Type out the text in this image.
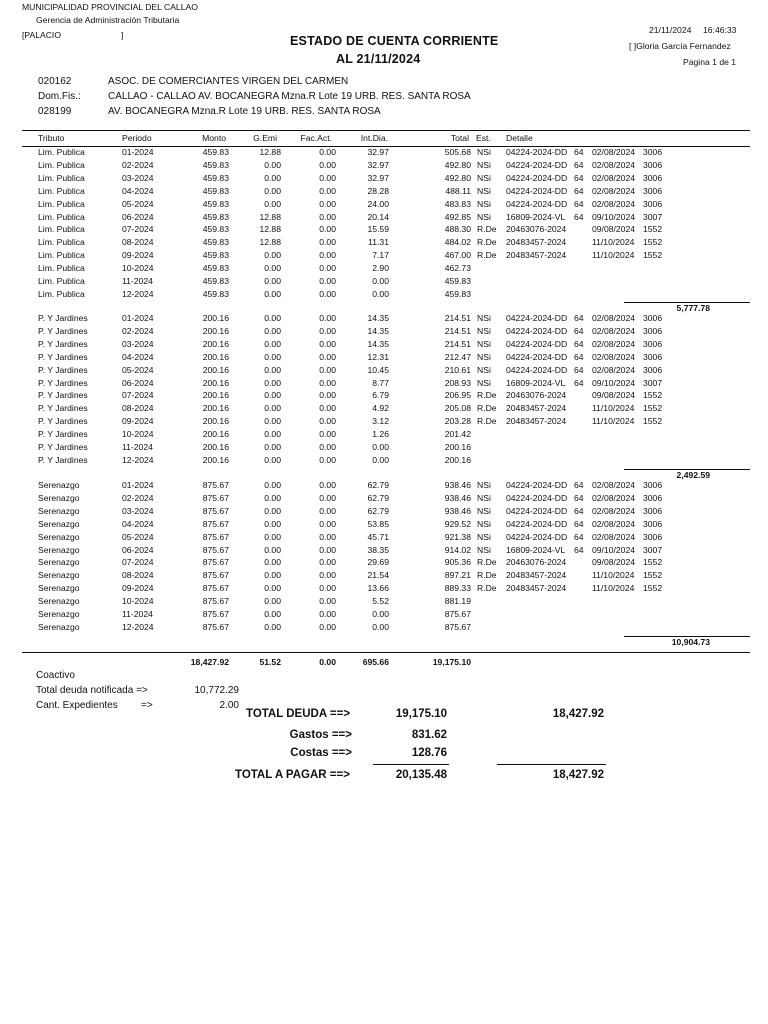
MUNICIPALIDAD PROVINCIAL DEL CALLAO
Gerencia de Administración Tributaria
[PALACIO	]	ESTADO DE CUENTA CORRIENTE
AL 21/11/2024
21/11/2024 16:46:33
[ ]Gloria García Fernandez
Pagina 1 de 1
020162	ASOC. DE COMERCIANTES VIRGEN DEL CARMEN
Dom.Fis.:	CALLAO - CALLAO AV. BOCANEGRA Mzna.R Lote 19 URB. RES. SANTA ROSA
028199	AV. BOCANEGRA Mzna.R Lote 19 URB. RES. SANTA ROSA
Tributo	Periodo	Monto	G.Emi	Fac.Act.	Int.Dia.	Total Est. Detalle
Lim. Publica	01-2024	459.83	12.88	0.00	32.97	505.68 NSi 04224-2024-DD 64 02/08/2024 3006
Lim. Publica	02-2024	459.83	0.00	0.00	32.97	492.80 NSi 04224-2024-DD 64 02/08/2024 3006
Lim. Publica	03-2024	459.83	0.00	0.00	32.97	492.80 NSi 04224-2024-DD 64 02/08/2024 3006
Lim. Publica	04-2024	459.83	0.00	0.00	28.28	488.11 NSi 04224-2024-DD 64 02/08/2024 3006
Lim. Publica	05-2024	459.83	0.00	0.00	24.00	483.83 NSi 04224-2024-DD 64 02/08/2024 3006
Lim. Publica	06-2024	459.83	12.88	0.00	20.14	492.85 NSi 16809-2024-VL 64 09/10/2024 3007
Lim. Publica	07-2024	459.83	12.88	0.00	15.59	488.30 R.De 20463076-2024	09/08/2024 1552
Lim. Publica	08-2024	459.83	12.88	0.00	11.31	484.02 R.De 20483457-2024	11/10/2024 1552
Lim. Publica	09-2024	459.83	0.00	0.00	7.17	467.00 R.De 20483457-2024	11/10/2024 1552
Lim. Publica	10-2024	459.83	0.00	0.00	2.90	462.73
Lim. Publica	11-2024	459.83	0.00	0.00	0.00	459.83
Lim. Publica	12-2024	459.83	0.00	0.00	0.00	459.83
5,777.78
P. Y Jardines	01-2024	200.16	0.00	0.00	14.35	214.51 NSi 04224-2024-DD 64 02/08/2024 3006
P. Y Jardines	02-2024	200.16	0.00	0.00	14.35	214.51 NSi 04224-2024-DD 64 02/08/2024 3006
P. Y Jardines	03-2024	200.16	0.00	0.00	14.35	214.51 NSi 04224-2024-DD 64 02/08/2024 3006
P. Y Jardines	04-2024	200.16	0.00	0.00	12.31	212.47 NSi 04224-2024-DD 64 02/08/2024 3006
P. Y Jardines	05-2024	200.16	0.00	0.00	10.45	210.61 NSi 04224-2024-DD 64 02/08/2024 3006
P. Y Jardines	06-2024	200.16	0.00	0.00	8.77	208.93 NSi 16809-2024-VL 64 09/10/2024 3007
P. Y Jardines	07-2024	200.16	0.00	0.00	6.79	206.95 R.De 20463076-2024	09/08/2024 1552
P. Y Jardines	08-2024	200.16	0.00	0.00	4.92	205.08 R.De 20483457-2024	11/10/2024 1552
P. Y Jardines	09-2024	200.16	0.00	0.00	3.12	203.28 R.De 20483457-2024	11/10/2024 1552
P. Y Jardines	10-2024	200.16	0.00	0.00	1.26	201.42
P. Y Jardines	11-2024	200.16	0.00	0.00	0.00	200.16
P. Y Jardines	12-2024	200.16	0.00	0.00	0.00	200.16
2,492.59
Serenazgo	01-2024	875.67	0.00	0.00	62.79	938.46 NSi 04224-2024-DD 64 02/08/2024 3006
Serenazgo	02-2024	875.67	0.00	0.00	62.79	938.46 NSi 04224-2024-DD 64 02/08/2024 3006
Serenazgo	03-2024	875.67	0.00	0.00	62.79	938.46 NSi 04224-2024-DD 64 02/08/2024 3006
Serenazgo	04-2024	875.67	0.00	0.00	53.85	929.52 NSi 04224-2024-DD 64 02/08/2024 3006
Serenazgo	05-2024	875.67	0.00	0.00	45.71	921.38 NSi 04224-2024-DD 64 02/08/2024 3006
Serenazgo	06-2024	875.67	0.00	0.00	38.35	914.02 NSi 16809-2024-VL 64 09/10/2024 3007
Serenazgo	07-2024	875.67	0.00	0.00	29.69	905.36 R.De 20463076-2024	09/08/2024 1552
Serenazgo	08-2024	875.67	0.00	0.00	21.54	897.21 R.De 20483457-2024	11/10/2024 1552
Serenazgo	09-2024	875.67	0.00	0.00	13.66	889.33 R.De 20483457-2024	11/10/2024 1552
Serenazgo	10-2024	875.67	0.00	0.00	5.52	881.19
Serenazgo	11-2024	875.67	0.00	0.00	0.00	875.67
Serenazgo	12-2024	875.67	0.00	0.00	0.00	875.67
10,904.73
18,427.92	51.52	0.00	695.66	19,175.10
Coactivo
Total deuda notificada =>	10,772.29
Cant. Expedientes =>	2.00
TOTAL DEUDA ==>	19,175.10	18,427.92
Gastos ==>	831.62
Costas ==>	128.76
TOTAL A PAGAR ==>	20,135.48	18,427.92
